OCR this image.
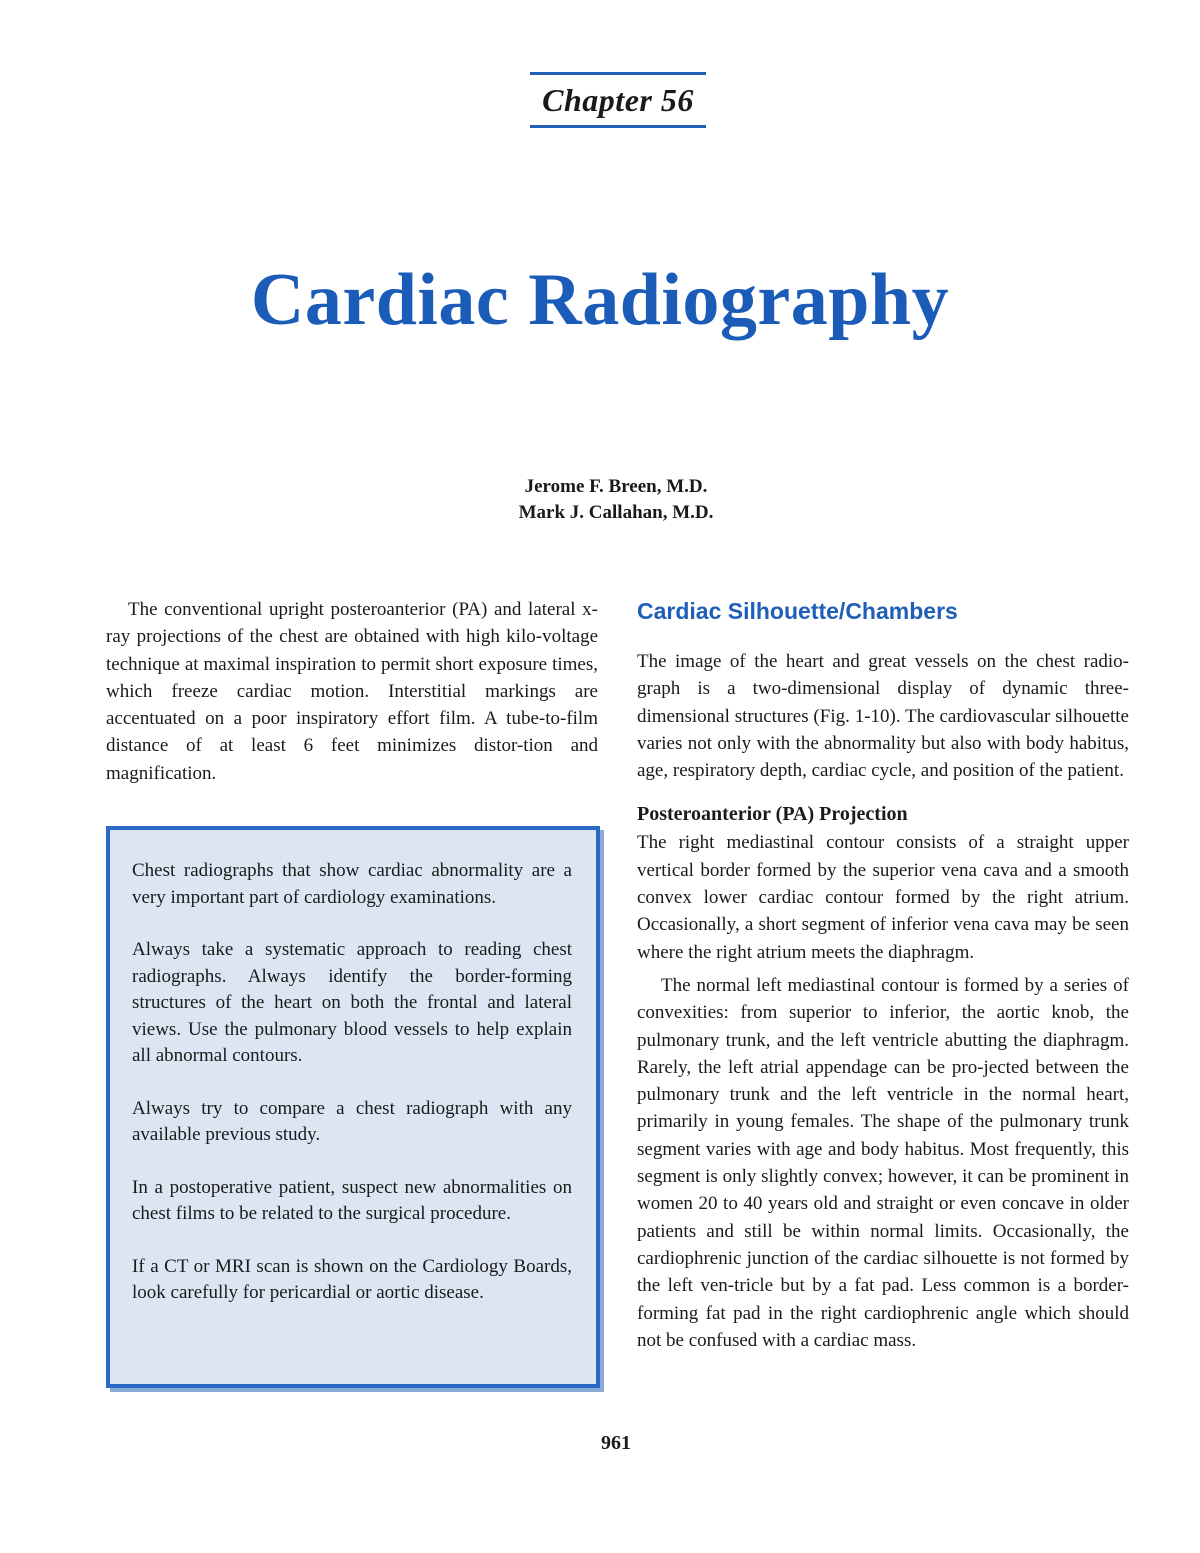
Chapter 56
Cardiac Radiography
Jerome F. Breen, M.D.
Mark J. Callahan, M.D.

The conventional upright posteroanterior (PA) and lateral x-ray projections of the chest are obtained with high kilo-voltage technique at maximal inspiration to permit short exposure times, which freeze cardiac motion. Interstitial markings are accentuated on a poor inspiratory effort film. A tube-to-film distance of at least 6 feet minimizes distor-tion and magnification.

Chest radiographs that show cardiac abnormality are a very important part of cardiology examinations.

Always take a systematic approach to reading chest radiographs. Always identify the border-forming structures of the heart on both the frontal and lateral views. Use the pulmonary blood vessels to help explain all abnormal contours.

Always try to compare a chest radiograph with any available previous study.

In a postoperative patient, suspect new abnormalities on chest films to be related to the surgical procedure.

If a CT or MRI scan is shown on the Cardiology Boards, look carefully for pericardial or aortic disease.

Cardiac Silhouette/Chambers

The image of the heart and great vessels on the chest radio-graph is a two-dimensional display of dynamic three-dimensional structures (Fig. 1-10). The cardiovascular silhouette varies not only with the abnormality but also with body habitus, age, respiratory depth, cardiac cycle, and position of the patient.

Posteroanterior (PA) Projection

The right mediastinal contour consists of a straight upper vertical border formed by the superior vena cava and a smooth convex lower cardiac contour formed by the right atrium. Occasionally, a short segment of inferior vena cava may be seen where the right atrium meets the diaphragm.

The normal left mediastinal contour is formed by a series of convexities: from superior to inferior, the aortic knob, the pulmonary trunk, and the left ventricle abutting the diaphragm. Rarely, the left atrial appendage can be pro-jected between the pulmonary trunk and the left ventricle in the normal heart, primarily in young females. The shape of the pulmonary trunk segment varies with age and body habitus. Most frequently, this segment is only slightly convex; however, it can be prominent in women 20 to 40 years old and straight or even concave in older patients and still be within normal limits. Occasionally, the cardiophrenic junction of the cardiac silhouette is not formed by the left ven-tricle but by a fat pad. Less common is a border-forming fat pad in the right cardiophrenic angle which should not be confused with a cardiac mass.

961
